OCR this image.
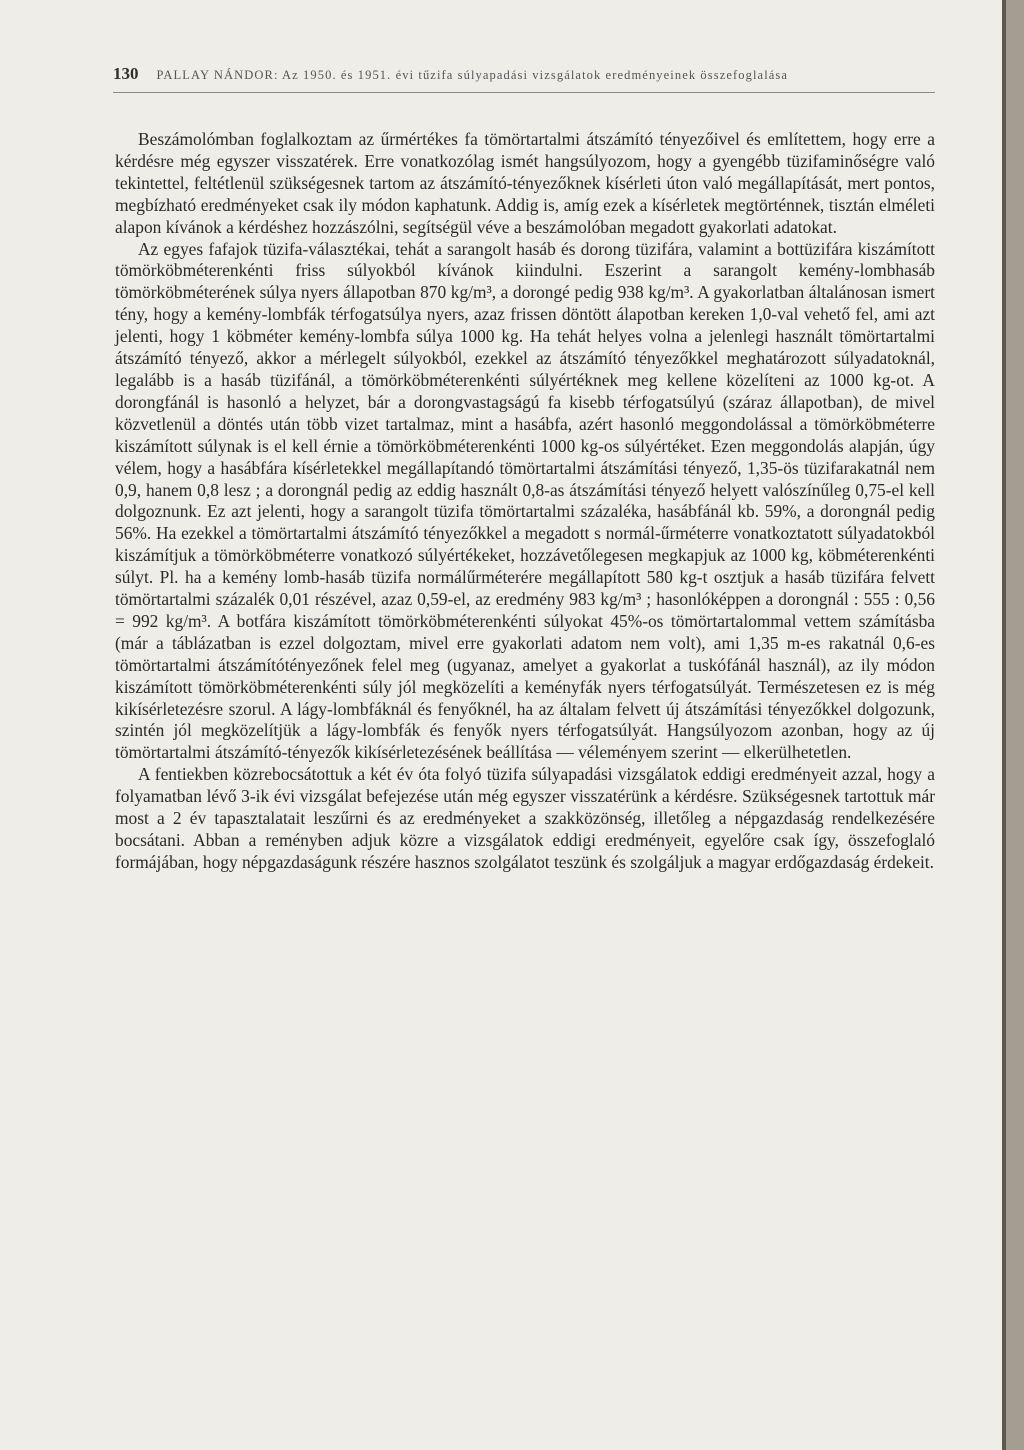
130 PALLAY NÁNDOR: Az 1950. és 1951. évi tűzifa súlyapadási vizsgálatok eredményeinek összefoglalása

Beszámolómban foglalkoztam az űrmértékes fa tömörtartalmi átszámító tényezőivel és említettem, hogy erre a kérdésre még egyszer visszatérek. Erre vonatkozólag ismét hangsúlyozom, hogy a gyengébb tüzifaminőségre való tekintettel, feltétlenül szükségesnek tartom az átszámító-tényezőknek kísérleti úton való megállapítását, mert pontos, megbízható eredményeket csak ily módon kaphatunk. Addig is, amíg ezek a kísérletek megtörténnek, tisztán elméleti alapon kívánok a kérdéshez hozzászólni, segítségül véve a beszámolóban megadott gyakorlati adatokat.

Az egyes fafajok tüzifa-választékai, tehát a sarangolt hasáb és dorong tüzifára, valamint a bottüzifára kiszámított tömörköbméterenkénti friss súlyokból kívánok kiindulni. Eszerint a sarangolt kemény-lombhasáb tömörköbméterének súlya nyers állapotban 870 kg/m³, a dorongé pedig 938 kg/m³. A gyakorlatban általánosan ismert tény, hogy a kemény-lombfák térfogatsúlya nyers, azaz frissen döntött álapotban kereken 1,0-val vehető fel, ami azt jelenti, hogy 1 köbméter kemény-lombfa súlya 1000 kg. Ha tehát helyes volna a jelenlegi használt tömörtartalmi átszámító tényező, akkor a mérlegelt súlyokból, ezekkel az átszámító tényezőkkel meghatározott súlyadatoknál, legalább is a hasáb tüzifánál, a tömörköbméterenkénti súlyértéknek meg kellene közelíteni az 1000 kg-ot. A dorongfánál is hasonló a helyzet, bár a dorongvastagságú fa kisebb térfogatsúlyú (száraz állapotban), de mivel közvetlenül a döntés után több vizet tartalmaz, mint a hasábfa, azért hasonló meggondolással a tömörköbméterre kiszámított súlynak is el kell érnie a tömörköbméterenkénti 1000 kg-os súlyértéket. Ezen meggondolás alapján, úgy vélem, hogy a hasábfára kísérletekkel megállapítandó tömörtartalmi átszámítási tényező, 1,35-ös tüzifarakatnál nem 0,9, hanem 0,8 lesz ; a dorongnál pedig az eddig használt 0,8-as átszámítási tényező helyett valószínűleg 0,75-el kell dolgoznunk. Ez azt jelenti, hogy a sarangolt tüzifa tömörtartalmi százaléka, hasábfánál kb. 59%, a dorongnál pedig 56%. Ha ezekkel a tömörtartalmi átszámító tényezőkkel a megadott s normál-űrméterre vonatkoztatott súlyadatokból kiszámítjuk a tömörköbméterre vonatkozó súlyértékeket, hozzávetőlegesen megkapjuk az 1000 kg, köbméterenkénti súlyt. Pl. ha a kemény lomb-hasáb tüzifa normálűrméterére megállapított 580 kg-t osztjuk a hasáb tüzifára felvett tömörtartalmi százalék 0,01 részével, azaz 0,59-el, az eredmény 983 kg/m³ ; hasonlóképpen a dorongnál : 555 : 0,56 = 992 kg/m³. A botfára kiszámított tömörköbméterenkénti súlyokat 45%-os tömörtartalommal vettem számításba (már a táblázatban is ezzel dolgoztam, mivel erre gyakorlati adatom nem volt), ami 1,35 m-es rakatnál 0,6-es tömörtartalmi átszámítótényezőnek felel meg (ugyanaz, amelyet a gyakorlat a tuskófánál használ), az ily módon kiszámított tömörköbméterenkénti súly jól megközelíti a keményfák nyers térfogatsúlyát. Természetesen ez is még kikísérletezésre szorul. A lágy-lombfáknál és fenyőknél, ha az általam felvett új átszámítási tényezőkkel dolgozunk, szintén jól megközelítjük a lágy-lombfák és fenyők nyers térfogatsúlyát. Hangsúlyozom azonban, hogy az új tömörtartalmi átszámító-tényezők kikísérletezésének beállítása — véleményem szerint — elkerülhetetlen.

A fentiekben közrebocsátottuk a két év óta folyó tüzifa súlyapadási vizsgálatok eddigi eredményeit azzal, hogy a folyamatban lévő 3-ik évi vizsgálat befejezése után még egyszer visszatérünk a kérdésre. Szükségesnek tartottuk már most a 2 év tapasztalatait leszűrni és az eredményeket a szakközönség, illetőleg a népgazdaság rendelkezésére bocsátani. Abban a reményben adjuk közre a vizsgálatok eddigi eredményeit, egyelőre csak így, összefoglaló formájában, hogy népgazdaságunk részére hasznos szolgálatot teszünk és szolgáljuk a magyar erdőgazdaság érdekeit.
